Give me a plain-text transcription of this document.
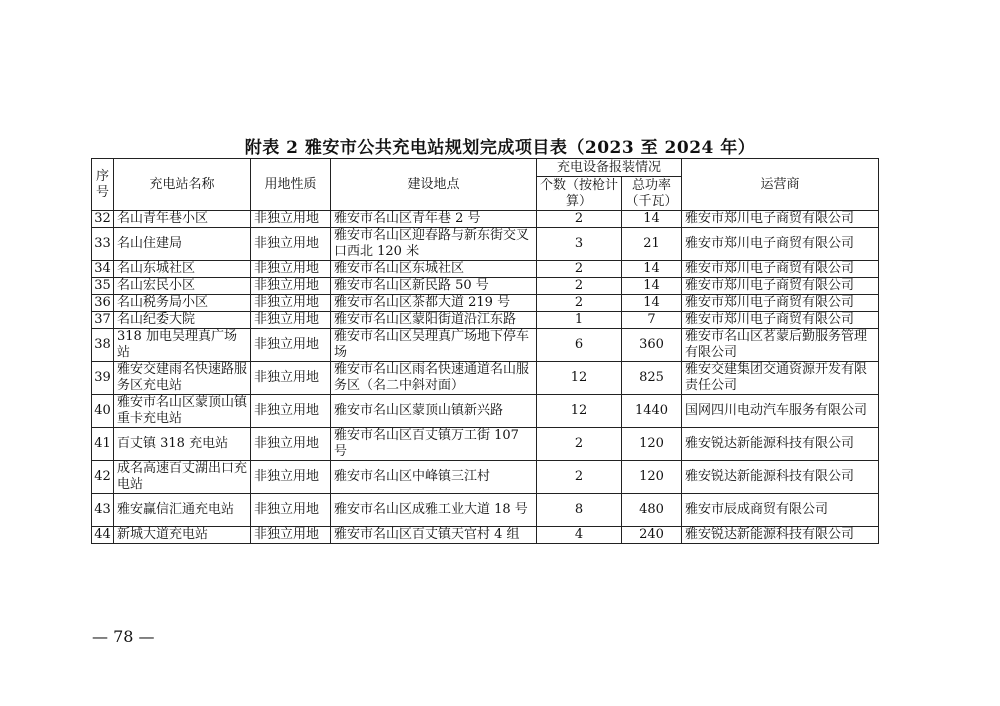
附表 2 雅安市公共充电站规划完成项目表（2023 至 2024 年）
序号	充电站名称	用地性质	建设地点	充电设备报装情况		运营商
				个数（按枪计算）	总功率（千瓦）	
32	名山青年巷小区	非独立用地	雅安市名山区青年巷 2 号	2	14	雅安市郑川电子商贸有限公司
33	名山住建局	非独立用地	雅安市名山区迎春路与新东街交叉口西北 120 米	3	21	雅安市郑川电子商贸有限公司
34	名山东城社区	非独立用地	雅安市名山区东城社区	2	14	雅安市郑川电子商贸有限公司
35	名山宏民小区	非独立用地	雅安市名山区新民路 50 号	2	14	雅安市郑川电子商贸有限公司
36	名山税务局小区	非独立用地	雅安市名山区茶都大道 219 号	2	14	雅安市郑川电子商贸有限公司
37	名山纪委大院	非独立用地	雅安市名山区蒙阳街道沿江东路	1	7	雅安市郑川电子商贸有限公司
38	318 加电吴理真广场站	非独立用地	雅安市名山区吴理真广场地下停车场	6	360	雅安市名山区茗蒙后勤服务管理有限公司
39	雅安交建雨名快速路服务区充电站	非独立用地	雅安市名山区雨名快速通道名山服务区（名二中斜对面）	12	825	雅安交建集团交通资源开发有限责任公司
40	雅安市名山区蒙顶山镇重卡充电站	非独立用地	雅安市名山区蒙顶山镇新兴路	12	1440	国网四川电动汽车服务有限公司
41	百丈镇 318 充电站	非独立用地	雅安市名山区百丈镇万工街 107 号	2	120	雅安锐达新能源科技有限公司
42	成名高速百丈湖出口充电站	非独立用地	雅安市名山区中峰镇三江村	2	120	雅安锐达新能源科技有限公司
43	雅安赢信汇通充电站	非独立用地	雅安市名山区成雅工业大道 18 号	8	480	雅安市辰成商贸有限公司
44	新城大道充电站	非独立用地	雅安市名山区百丈镇天官村 4 组	4	240	雅安锐达新能源科技有限公司
— 78 —
